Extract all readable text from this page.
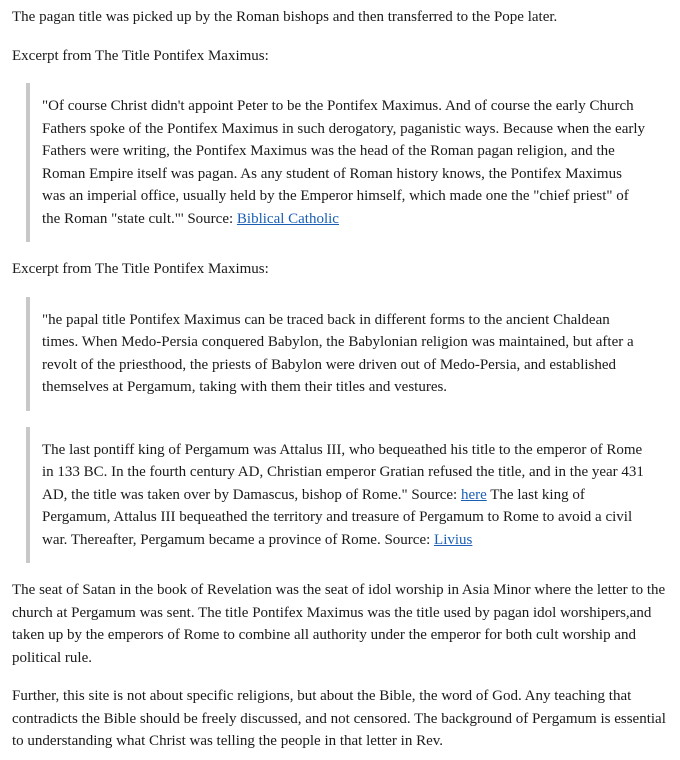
The pagan title was picked up by the Roman bishops and then transferred to the Pope later.

Excerpt from The Title Pontifex Maximus:

"Of course Christ didn't appoint Peter to be the Pontifex Maximus. And of course the early Church Fathers spoke of the Pontifex Maximus in such derogatory, paganistic ways. Because when the early Fathers were writing, the Pontifex Maximus was the head of the Roman pagan religion, and the Roman Empire itself was pagan. As any student of Roman history knows, the Pontifex Maximus was an imperial office, usually held by the Emperor himself, which made one the "chief priest" of the Roman "state cult."' Source: Biblical Catholic

Excerpt from The Title Pontifex Maximus:

"he papal title Pontifex Maximus can be traced back in different forms to the ancient Chaldean times. When Medo-Persia conquered Babylon, the Babylonian religion was maintained, but after a revolt of the priesthood, the priests of Babylon were driven out of Medo-Persia, and established themselves at Pergamum, taking with them their titles and vestures.

The last pontiff king of Pergamum was Attalus III, who bequeathed his title to the emperor of Rome in 133 BC. In the fourth century AD, Christian emperor Gratian refused the title, and in the year 431 AD, the title was taken over by Damascus, bishop of Rome." Source: here The last king of Pergamum, Attalus III bequeathed the territory and treasure of Pergamum to Rome to avoid a civil war. Thereafter, Pergamum became a province of Rome. Source: Livius

The seat of Satan in the book of Revelation was the seat of idol worship in Asia Minor where the letter to the church at Pergamum was sent. The title Pontifex Maximus was the title used by pagan idol worshipers,and taken up by the emperors of Rome to combine all authority under the emperor for both cult worship and political rule.

Further, this site is not about specific religions, but about the Bible, the word of God. Any teaching that contradicts the Bible should be freely discussed, and not censored. The background of Pergamum is essential to understanding what Christ was telling the people in that letter in Rev.
